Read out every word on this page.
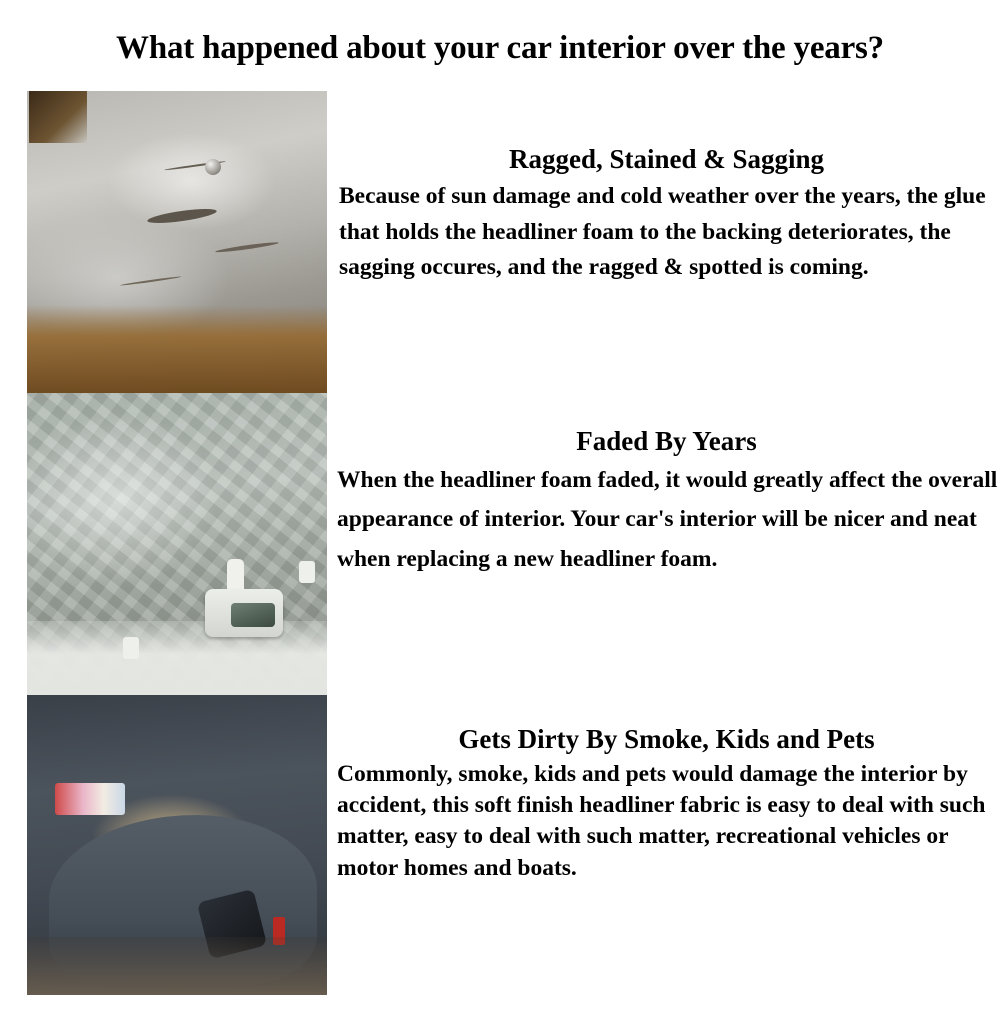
What happened about your car interior over the years?
Ragged, Stained & Sagging

Because of sun damage and cold weather over the years, the glue that holds the headliner foam to the backing deteriorates, the sagging occures, and the ragged & spotted is coming.

Faded By Years

When the headliner foam faded, it would greatly affect the overall appearance of interior. Your car's interior will be nicer and neat when replacing a new headliner foam.

Gets Dirty By Smoke, Kids and Pets

Commonly, smoke, kids and pets would damage the interior by accident, this soft finish headliner fabric is easy to deal with such matter, easy to deal with such matter, recreational vehicles or motor homes and boats.
